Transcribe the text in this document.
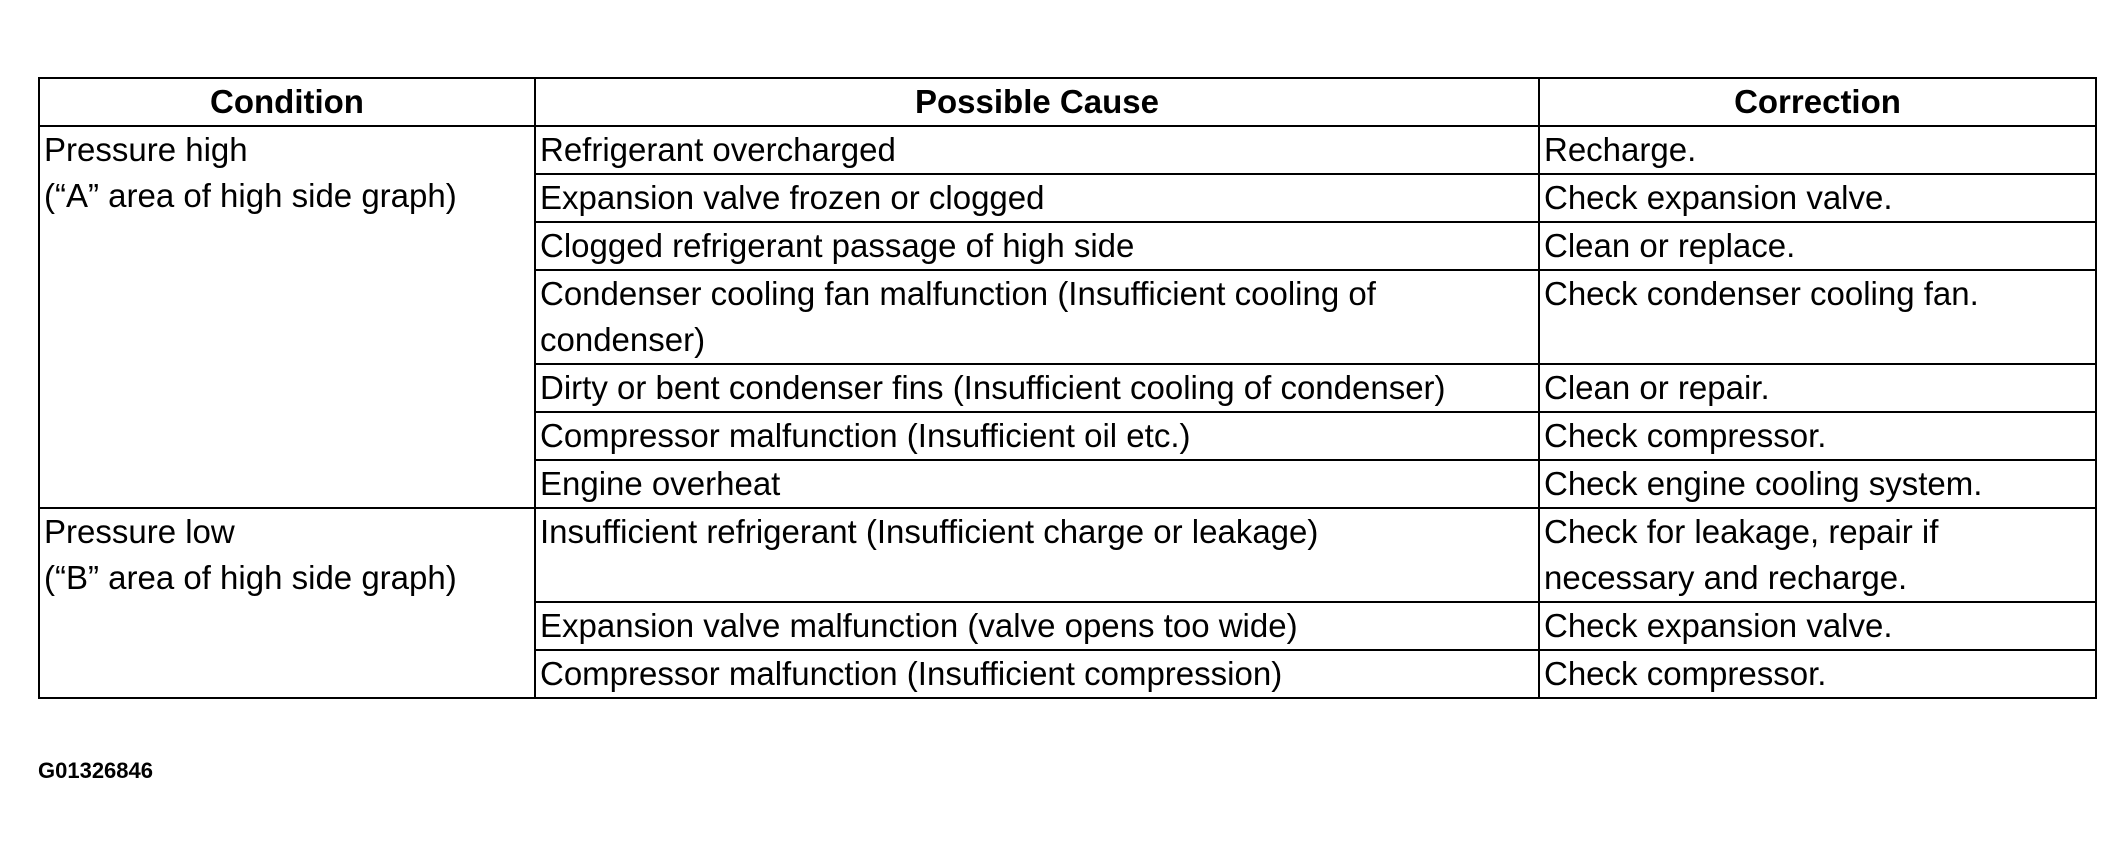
Condition	Possible Cause	Correction

Pressure high
(“A” area of high side graph)	Refrigerant overcharged	Recharge.
	Expansion valve frozen or clogged	Check expansion valve.
	Clogged refrigerant passage of high side	Clean or replace.
	Condenser cooling fan malfunction (Insufficient cooling of condenser)	Check condenser cooling fan.
	Dirty or bent condenser fins (Insufficient cooling of condenser)	Clean or repair.
	Compressor malfunction (Insufficient oil etc.)	Check compressor.
	Engine overheat	Check engine cooling system.

Pressure low
(“B” area of high side graph)	Insufficient refrigerant (Insufficient charge or leakage)	Check for leakage, repair if necessary and recharge.
	Expansion valve malfunction (valve opens too wide)	Check expansion valve.
	Compressor malfunction (Insufficient compression)	Check compressor.
G01326846
